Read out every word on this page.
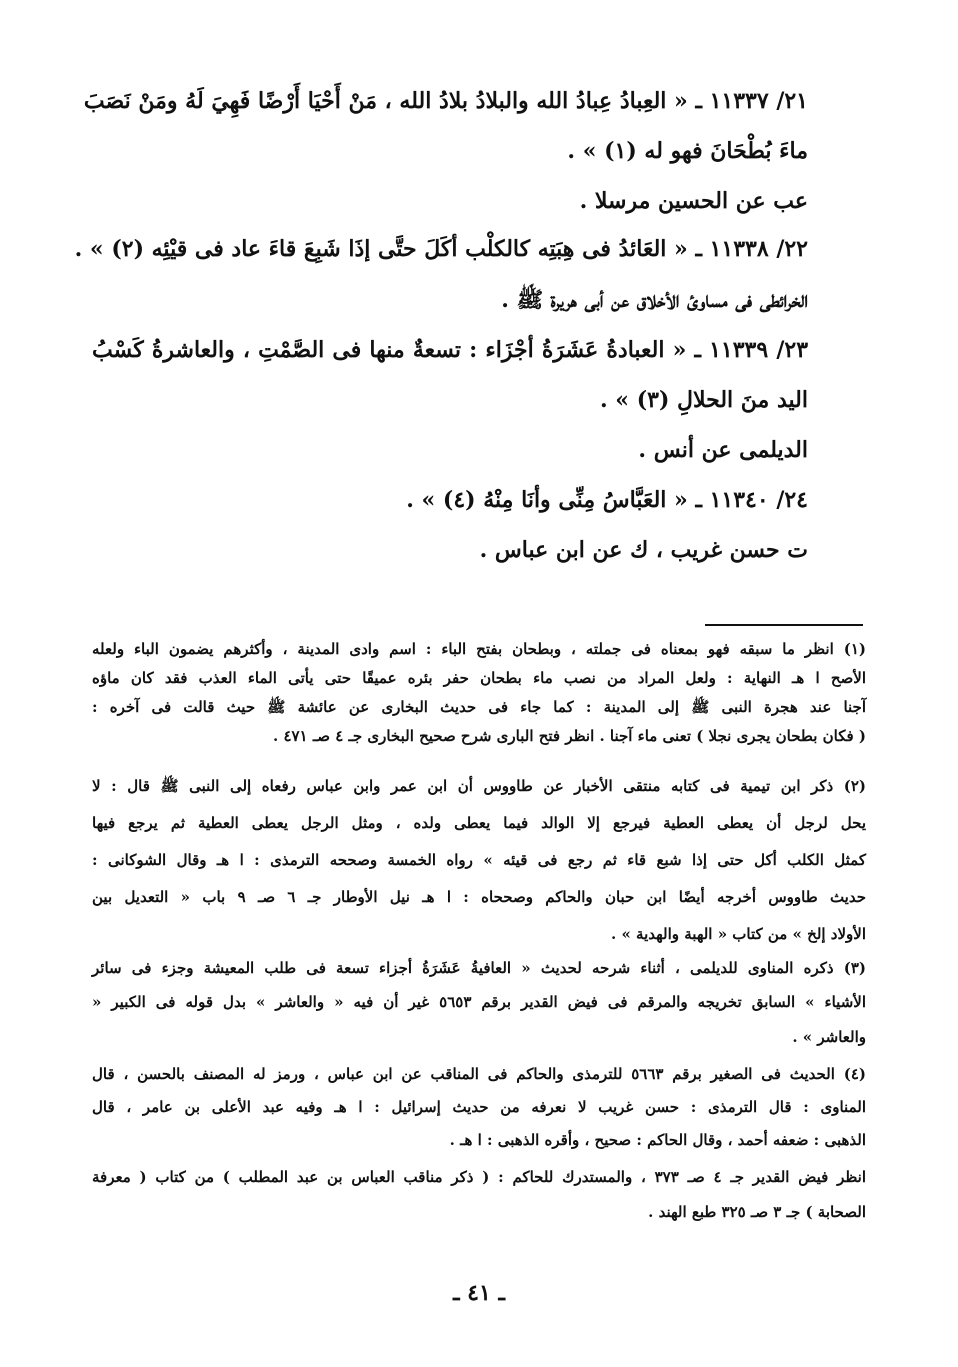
٢١/ ١١٣٣٧ ـ « العِبادُ عِبادُ الله والبلادُ بلادُ الله ، مَنْ أَحْيَا أَرْضًا فَهِيَ لَهُ ومَنْ نَصَبَ
ماءَ بُطْحَانَ فهو له (١) » .
عب عن الحسين مرسلا .
٢٢/ ١١٣٣٨ ـ « العَائدُ فى هِبَتِه كالكلْب أكَلَ حتَّى إذَا شَبِعَ قاءَ عاد فى قيْئِه (٢) » .
الخرائطى فى مساوئ الأخلاق عن أبى هريرة ﷺ .
٢٣/ ١١٣٣٩ ـ « العبادةُ عَشَرَةُ أجْزَاء : تسعةٌ منها فى الصَّمْتِ ، والعاشرةُ كَسْبُ
اليد منَ الحلالِ (٣) » .
الديلمى عن أنس .
٢٤/ ١١٣٤٠ ـ « العَبَّاسُ مِنِّى وأنَا مِنْهُ (٤) » .
ت حسن غريب ، ك عن ابن عباس .
(١) انظر ما سبقه فهو بمعناه فى جملته ، وبطحان بفتح الباء : اسم وادى المدينة ، وأكثرهم يضمون الباء ولعله
الأصح ا هـ النهاية : ولعل المراد من نصب ماء بطحان حفر بئره عميقًا حتى يأتى الماء العذب فقد كان ماؤه
آجنا عند هجرة النبى ﷺ إلى المدينة : كما جاء فى حديث البخارى عن عائشة ﷺ حيث قالت فى آخره :
( فكان بطحان يجرى نجلا ) تعنى ماء آجنا . انظر فتح البارى شرح صحيح البخارى جـ ٤ صـ ٤٧١ .
(٢) ذكر ابن تيمية فى كتابه منتقى الأخبار عن طاووس أن ابن عمر وابن عباس رفعاه إلى النبى ﷺ قال : لا
يحل لرجل أن يعطى العطية فيرجع إلا الوالد فيما يعطى ولده ، ومثل الرجل يعطى العطية ثم يرجع فيها
كمثل الكلب أكل حتى إذا شبع قاء ثم رجع فى قيئه » رواه الخمسة وصححه الترمذى : ا هـ وقال الشوكانى :
حديث طاووس أخرجه أيضًا ابن حبان والحاكم وصححاه : ا هـ نيل الأوطار جـ ٦ صـ ٩ باب « التعديل بين
الأولاد إلخ » من كتاب « الهبة والهدية » .
(٣) ذكره المناوى للديلمى ، أثناء شرحه لحديث « العافيةُ عَشَرَةُ أجزاء تسعة فى طلب المعيشة وجزء فى سائر
الأشياء » السابق تخريجه والمرقم فى فيض القدير برقم ٥٦٥٣ غير أن فيه « والعاشر » بدل قوله فى الكبير «
والعاشر » .
(٤) الحديث فى الصغير برقم ٥٦٦٣ للترمذى والحاكم فى المناقب عن ابن عباس ، ورمز له المصنف بالحسن ، قال
المناوى : قال الترمذى : حسن غريب لا نعرفه من حديث إسرائيل : ا هـ وفيه عبد الأعلى بن عامر ، قال
الذهبى : ضعفه أحمد ، وقال الحاكم : صحيح ، وأقره الذهبى : ا هـ .
انظر فيض القدير جـ ٤ صـ ٣٧٣ ، والمستدرك للحاكم : ( ذكر مناقب العباس بن عبد المطلب ) من كتاب ( معرفة
الصحابة ) جـ ٣ صـ ٣٢٥ طبع الهند .
ـ ٤١ ـ
